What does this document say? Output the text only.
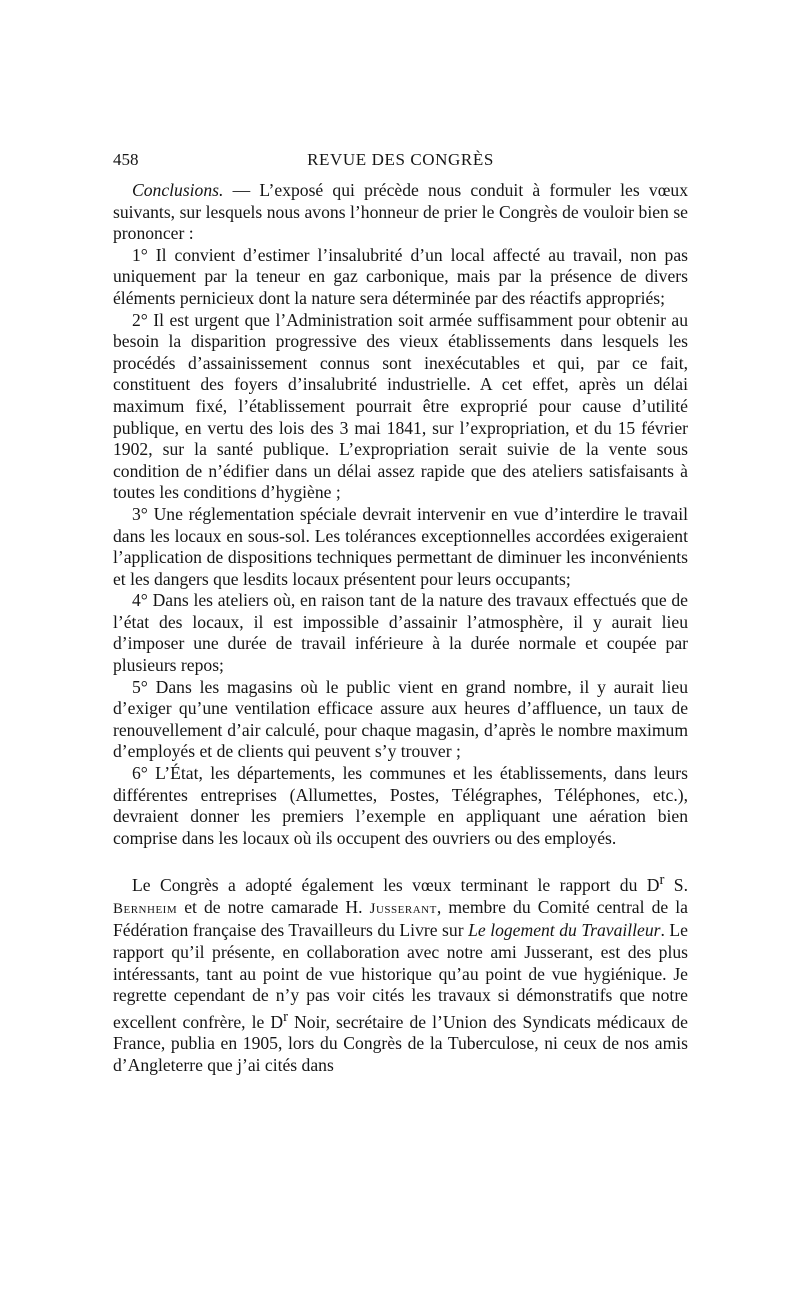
458	REVUE DES CONGRÈS

Conclusions. — L’exposé qui précède nous conduit à formuler les vœux suivants, sur lesquels nous avons l’honneur de prier le Congrès de vouloir bien se prononcer :

1° Il convient d’estimer l’insalubrité d’un local affecté au travail, non pas uniquement par la teneur en gaz carbonique, mais par la présence de divers éléments pernicieux dont la nature sera déterminée par des réactifs appropriés;

2° Il est urgent que l’Administration soit armée suffisamment pour obtenir au besoin la disparition progressive des vieux établissements dans lesquels les procédés d’assainissement connus sont inexécutables et qui, par ce fait, constituent des foyers d’insalubrité industrielle. A cet effet, après un délai maximum fixé, l’établissement pourrait être exproprié pour cause d’utilité publique, en vertu des lois des 3 mai 1841, sur l’expropriation, et du 15 février 1902, sur la santé publique. L’expropriation serait suivie de la vente sous condition de n’édifier dans un délai assez rapide que des ateliers satisfaisants à toutes les conditions d’hygiène ;

3° Une réglementation spéciale devrait intervenir en vue d’interdire le travail dans les locaux en sous-sol. Les tolérances exceptionnelles accordées exigeraient l’application de dispositions techniques permettant de diminuer les inconvénients et les dangers que lesdits locaux présentent pour leurs occupants;

4° Dans les ateliers où, en raison tant de la nature des travaux effectués que de l’état des locaux, il est impossible d’assainir l’atmosphère, il y aurait lieu d’imposer une durée de travail inférieure à la durée normale et coupée par plusieurs repos;

5° Dans les magasins où le public vient en grand nombre, il y aurait lieu d’exiger qu’une ventilation efficace assure aux heures d’affluence, un taux de renouvellement d’air calculé, pour chaque magasin, d’après le nombre maximum d’employés et de clients qui peuvent s’y trouver ;

6° L’État, les départements, les communes et les établissements, dans leurs différentes entreprises (Allumettes, Postes, Télégraphes, Téléphones, etc.), devraient donner les premiers l’exemple en appliquant une aération bien comprise dans les locaux où ils occupent des ouvriers ou des employés.

Le Congrès a adopté également les vœux terminant le rapport du $D^r$ S. Bernheim et de notre camarade H. Jusserant, membre du Comité central de la Fédération française des Travailleurs du Livre sur Le logement du Travailleur. Le rapport qu’il présente, en collaboration avec notre ami Jusserant, est des plus intéressants, tant au point de vue historique qu’au point de vue hygiénique. Je regrette cependant de n’y pas voir cités les travaux si démonstratifs que notre excellent confrère, le $D^r$ Noir, secrétaire de l’Union des Syndicats médicaux de France, publia en 1905, lors du Congrès de la Tuberculose, ni ceux de nos amis d’Angleterre que j’ai cités dans
